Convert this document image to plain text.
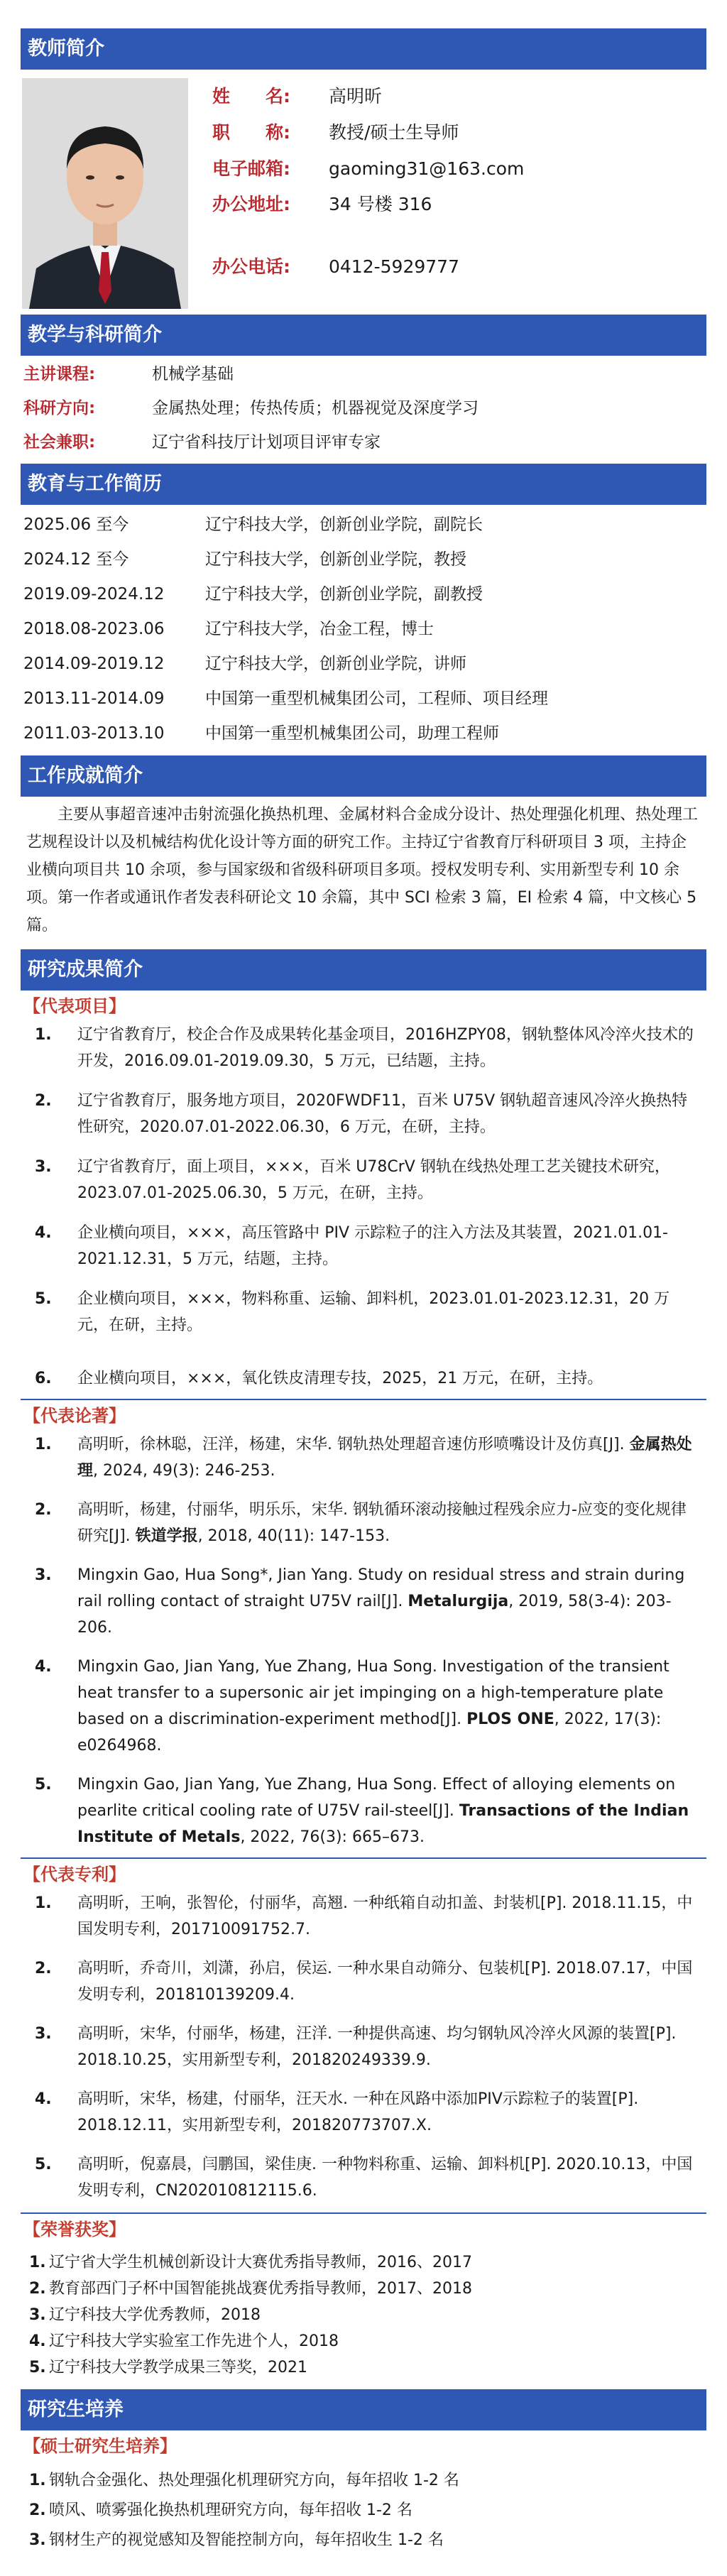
教师简介
姓　　名: 高明昕
职　　称: 教授/硕士生导师
电子邮箱: gaoming31@163.com
办公地址: 34 号楼 316
办公电话: 0412-5929777
教学与科研简介
主讲课程:	机械学基础
科研方向:	金属热处理；传热传质；机器视觉及深度学习
社会兼职:	辽宁省科技厅计划项目评审专家
教育与工作简历
2025.06 至今	辽宁科技大学，创新创业学院，副院长
2024.12 至今	辽宁科技大学，创新创业学院，教授
2019.09-2024.12 辽宁科技大学，创新创业学院，副教授
2018.08-2023.06 辽宁科技大学，冶金工程，博士
2014.09-2019.12 辽宁科技大学，创新创业学院，讲师
2013.11-2014.09 中国第一重型机械集团公司，工程师、项目经理
2011.03-2013.10 中国第一重型机械集团公司，助理工程师
工作成就简介
主要从事超音速冲击射流强化换热机理、金属材料合金成分设计、热处理强化机理、热处理工艺规程设计以及机械结构优化设计等方面的研究工作。主持辽宁省教育厅科研项目 3 项，主持企业横向项目共 10 余项，参与国家级和省级科研项目多项。授权发明专利、实用新型专利 10 余项。第一作者或通讯作者发表科研论文 10 余篇，其中 SCI 检索 3 篇，EI 检索 4 篇，中文核心 5 篇。
研究成果简介
【代表项目】
1. 辽宁省教育厅，校企合作及成果转化基金项目，2016HZPY08，钢轨整体风冷淬火技术的开发，2016.09.01-2019.09.30，5 万元，已结题，主持。
2. 辽宁省教育厅，服务地方项目，2020FWDF11，百米 U75V 钢轨超音速风冷淬火换热特性研究，2020.07.01-2022.06.30，6 万元，在研，主持。
3. 辽宁省教育厅，面上项目，×××，百米 U78CrV 钢轨在线热处理工艺关键技术研究，2023.07.01-2025.06.30，5 万元，在研，主持。
4. 企业横向项目，×××，高压管路中 PIV 示踪粒子的注入方法及其装置，2021.01.01-2021.12.31，5 万元，结题，主持。
5. 企业横向项目，×××，物料称重、运输、卸料机，2023.01.01-2023.12.31，20 万元，在研，主持。
6. 企业横向项目，×××，氧化铁皮清理专技，2025，21 万元，在研，主持。
【代表论著】
1. 高明昕，徐林聪，汪洋，杨建，宋华. 钢轨热处理超音速仿形喷嘴设计及仿真[J]. 金属热处理, 2024, 49(3): 246-253.
2. 高明昕，杨建，付丽华，明乐乐，宋华. 钢轨循环滚动接触过程残余应力-应变的变化规律研究[J]. 铁道学报, 2018, 40(11): 147-153.
3. Mingxin Gao, Hua Song*, Jian Yang. Study on residual stress and strain during rail rolling contact of straight U75V rail[J]. Metalurgija, 2019, 58(3-4): 203-206.
4. Mingxin Gao, Jian Yang, Yue Zhang, Hua Song. Investigation of the transient heat transfer to a supersonic air jet impinging on a high-temperature plate based on a discrimination-experiment method[J]. PLOS ONE, 2022, 17(3): e0264968.
5. Mingxin Gao, Jian Yang, Yue Zhang, Hua Song. Effect of alloying elements on pearlite critical cooling rate of U75V rail-steel[J]. Transactions of the Indian Institute of Metals, 2022, 76(3): 665–673.
【代表专利】
1. 高明昕，王响，张智伦，付丽华，高翘. 一种纸箱自动扣盖、封装机[P]. 2018.11.15，中国发明专利，201710091752.7.
2. 高明昕，乔奇川，刘潇，孙启，侯运. 一种水果自动筛分、包装机[P]. 2018.07.17，中国发明专利，201810139209.4.
3. 高明昕，宋华，付丽华，杨建，汪洋. 一种提供高速、均匀钢轨风冷淬火风源的装置[P]. 2018.10.25，实用新型专利，201820249339.9.
4. 高明昕，宋华，杨建，付丽华，汪天水. 一种在风路中添加PIV示踪粒子的装置[P]. 2018.12.11，实用新型专利，201820773707.X.
5. 高明昕，倪嘉晨，闫鹏国，梁佳庚. 一种物料称重、运输、卸料机[P]. 2020.10.13，中国发明专利，CN202010812115.6.
【荣誉获奖】
1. 辽宁省大学生机械创新设计大赛优秀指导教师，2016、2017
2. 教育部西门子杯中国智能挑战赛优秀指导教师，2017、2018
3. 辽宁科技大学优秀教师，2018
4. 辽宁科技大学实验室工作先进个人，2018
5. 辽宁科技大学教学成果三等奖，2021
研究生培养
【硕士研究生培养】
1. 钢轨合金强化、热处理强化机理研究方向，每年招收 1-2 名
2. 喷风、喷雾强化换热机理研究方向，每年招收 1-2 名
3. 钢材生产的视觉感知及智能控制方向，每年招收生 1-2 名
